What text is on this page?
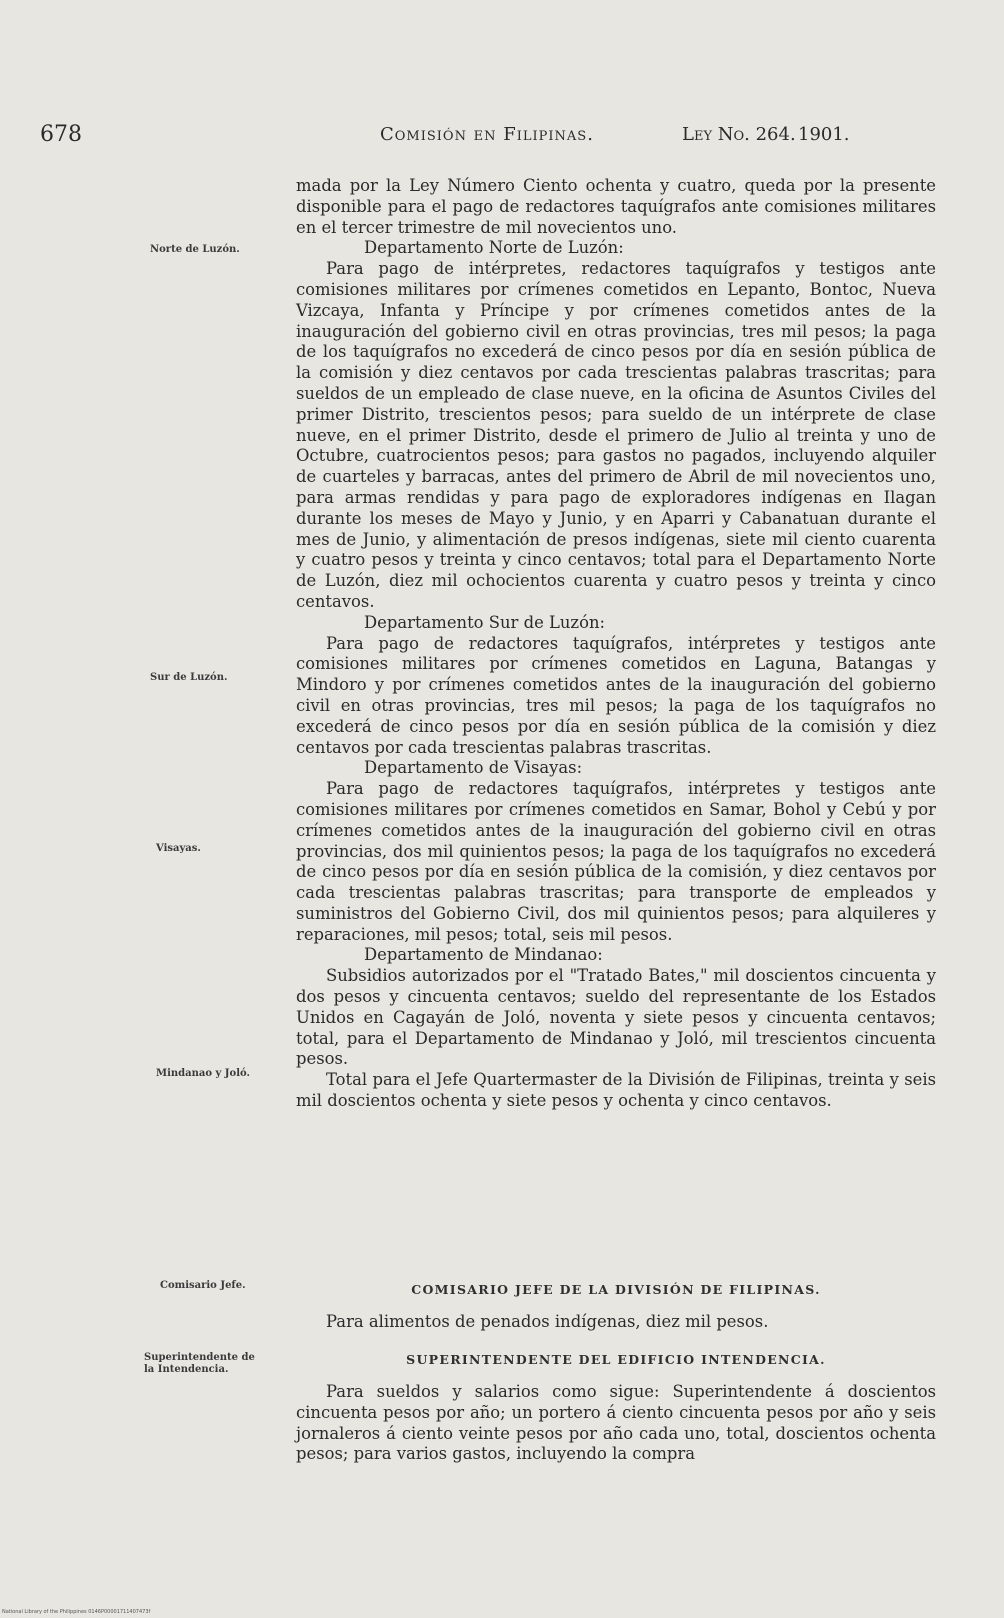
678	Comisión en Filipinas.	Ley No. 264. 1901.
Norte de Luzón.
Sur de Luzón.
Visayas.
Mindanao y Joló.
Comisario Jefe.
Superintendente de
la Intendencia.

mada por la Ley Número Ciento ochenta y cuatro, queda por la presente disponible para el pago de redactores taquígrafos ante comisiones militares en el tercer trimestre de mil novecientos uno.

Departamento Norte de Luzón:

Para pago de intérpretes, redactores taquígrafos y testigos ante comisiones militares por crímenes cometidos en Lepanto, Bontoc, Nueva Vizcaya, Infanta y Príncipe y por crímenes cometidos antes de la inauguración del gobierno civil en otras provincias, tres mil pesos; la paga de los taquígrafos no excederá de cinco pesos por día en sesión pública de la comisión y diez centavos por cada trescientas palabras trascritas; para sueldos de un empleado de clase nueve, en la oficina de Asuntos Civiles del primer Distrito, trescientos pesos; para sueldo de un intérprete de clase nueve, en el primer Distrito, desde el primero de Julio al treinta y uno de Octubre, cuatrocientos pesos; para gastos no pagados, incluyendo alquiler de cuarteles y barracas, antes del primero de Abril de mil novecientos uno, para armas rendidas y para pago de exploradores indígenas en Ilagan durante los meses de Mayo y Junio, y en Aparri y Cabanatuan durante el mes de Junio, y alimentación de presos indígenas, siete mil ciento cuarenta y cuatro pesos y treinta y cinco centavos; total para el Departamento Norte de Luzón, diez mil ochocientos cuarenta y cuatro pesos y treinta y cinco centavos.

Departamento Sur de Luzón:

Para pago de redactores taquígrafos, intérpretes y testigos ante comisiones militares por crímenes cometidos en Laguna, Batangas y Mindoro y por crímenes cometidos antes de la inauguración del gobierno civil en otras provincias, tres mil pesos; la paga de los taquígrafos no excederá de cinco pesos por día en sesión pública de la comisión y diez centavos por cada trescientas palabras trascritas.

Departamento de Visayas:

Para pago de redactores taquígrafos, intérpretes y testigos ante comisiones militares por crímenes cometidos en Samar, Bohol y Cebú y por crímenes cometidos antes de la inauguración del gobierno civil en otras provincias, dos mil quinientos pesos; la paga de los taquígrafos no excederá de cinco pesos por día en sesión pública de la comisión, y diez centavos por cada trescientas palabras trascritas; para transporte de empleados y suministros del Gobierno Civil, dos mil quinientos pesos; para alquileres y reparaciones, mil pesos; total, seis mil pesos.

Departamento de Mindanao:

Subsidios autorizados por el "Tratado Bates," mil doscientos cincuenta y dos pesos y cincuenta centavos; sueldo del representante de los Estados Unidos en Cagayán de Joló, noventa y siete pesos y cincuenta centavos; total, para el Departamento de Mindanao y Joló, mil trescientos cincuenta pesos.

Total para el Jefe Quartermaster de la División de Filipinas, treinta y seis mil doscientos ochenta y siete pesos y ochenta y cinco centavos.

COMISARIO JEFE DE LA DIVISIÓN DE FILIPINAS.

Para alimentos de penados indígenas, diez mil pesos.

SUPERINTENDENTE DEL EDIFICIO INTENDENCIA.

Para sueldos y salarios como sigue: Superintendente á doscientos cincuenta pesos por año; un portero á ciento cincuenta pesos por año y seis jornaleros á ciento veinte pesos por año cada uno, total, doscientos ochenta pesos; para varios gastos, incluyendo la compra

National Library of the Philippines 0146P00001711407473f
